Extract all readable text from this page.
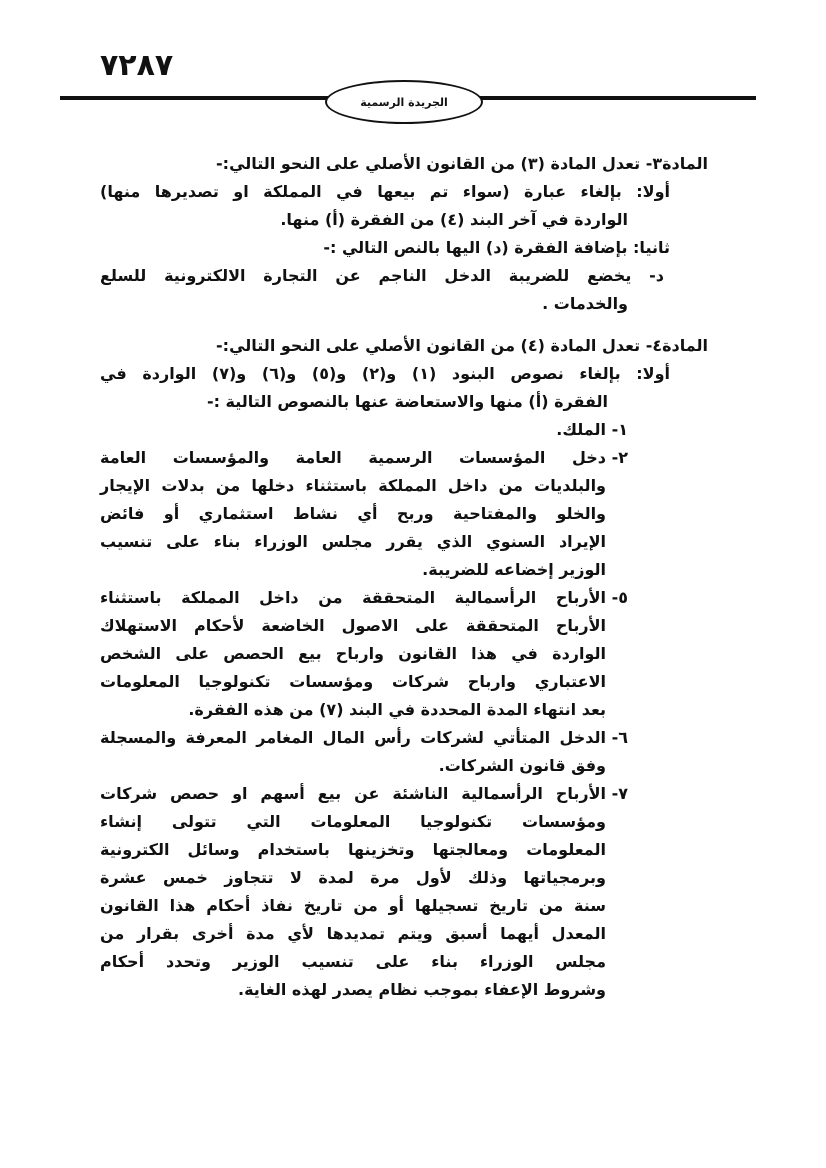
٧٢٨٧
الجريدة الرسمية
المادة٣- تعدل المادة (٣) من القانون الأصلي على النحو التالي:-
أولا: بإلغاء عبارة (سواء تم بيعها في المملكة او تصديرها منها)
الواردة في آخر البند (٤) من الفقرة (أ) منها.
ثانيا: بإضافة الفقرة (د) اليها بالنص التالي :-
د- يخضع للضريبة الدخل الناجم عن التجارة الالكترونية للسلع
والخدمات .
المادة٤- تعدل المادة (٤) من القانون الأصلي على النحو التالي:-
أولا: بإلغاء نصوص البنود (١) و(٢) و(٥) و(٦) و(٧) الواردة في
الفقرة (أ) منها والاستعاضة عنها بالنصوص التالية :-
١-
الملك.
٢-
دخل المؤسسات الرسمية العامة والمؤسسات العامة
والبلديات من داخل المملكة باستثناء دخلها من بدلات الإيجار
والخلو والمفتاحية وربح أي نشاط استثماري أو فائض
الإيراد السنوي الذي يقرر مجلس الوزراء بناء على تنسيب
الوزير إخضاعه للضريبة.
٥-
الأرباح الرأسمالية المتحققة من داخل المملكة باستثناء
الأرباح المتحققة على الاصول الخاضعة لأحكام الاستهلاك
الواردة في هذا القانون وارباح بيع الحصص على الشخص
الاعتباري وارباح شركات ومؤسسات تكنولوجيا المعلومات
بعد انتهاء المدة المحددة في البند (٧) من هذه الفقرة.
٦-
الدخل المتأتي لشركات رأس المال المغامر المعرفة والمسجلة
وفق قانون الشركات.
٧-
الأرباح الرأسمالية الناشئة عن بيع أسهم او حصص شركات
ومؤسسات تكنولوجيا المعلومات التي تتولى إنشاء
المعلومات ومعالجتها وتخزينها باستخدام وسائل الكترونية
وبرمجياتها وذلك لأول مرة لمدة لا تتجاوز خمس عشرة
سنة من تاريخ تسجيلها أو من تاريخ نفاذ أحكام هذا القانون
المعدل أيهما أسبق ويتم تمديدها لأي مدة أخرى بقرار من
مجلس الوزراء بناء على تنسيب الوزير وتحدد أحكام
وشروط الإعفاء بموجب نظام يصدر لهذه الغاية.
